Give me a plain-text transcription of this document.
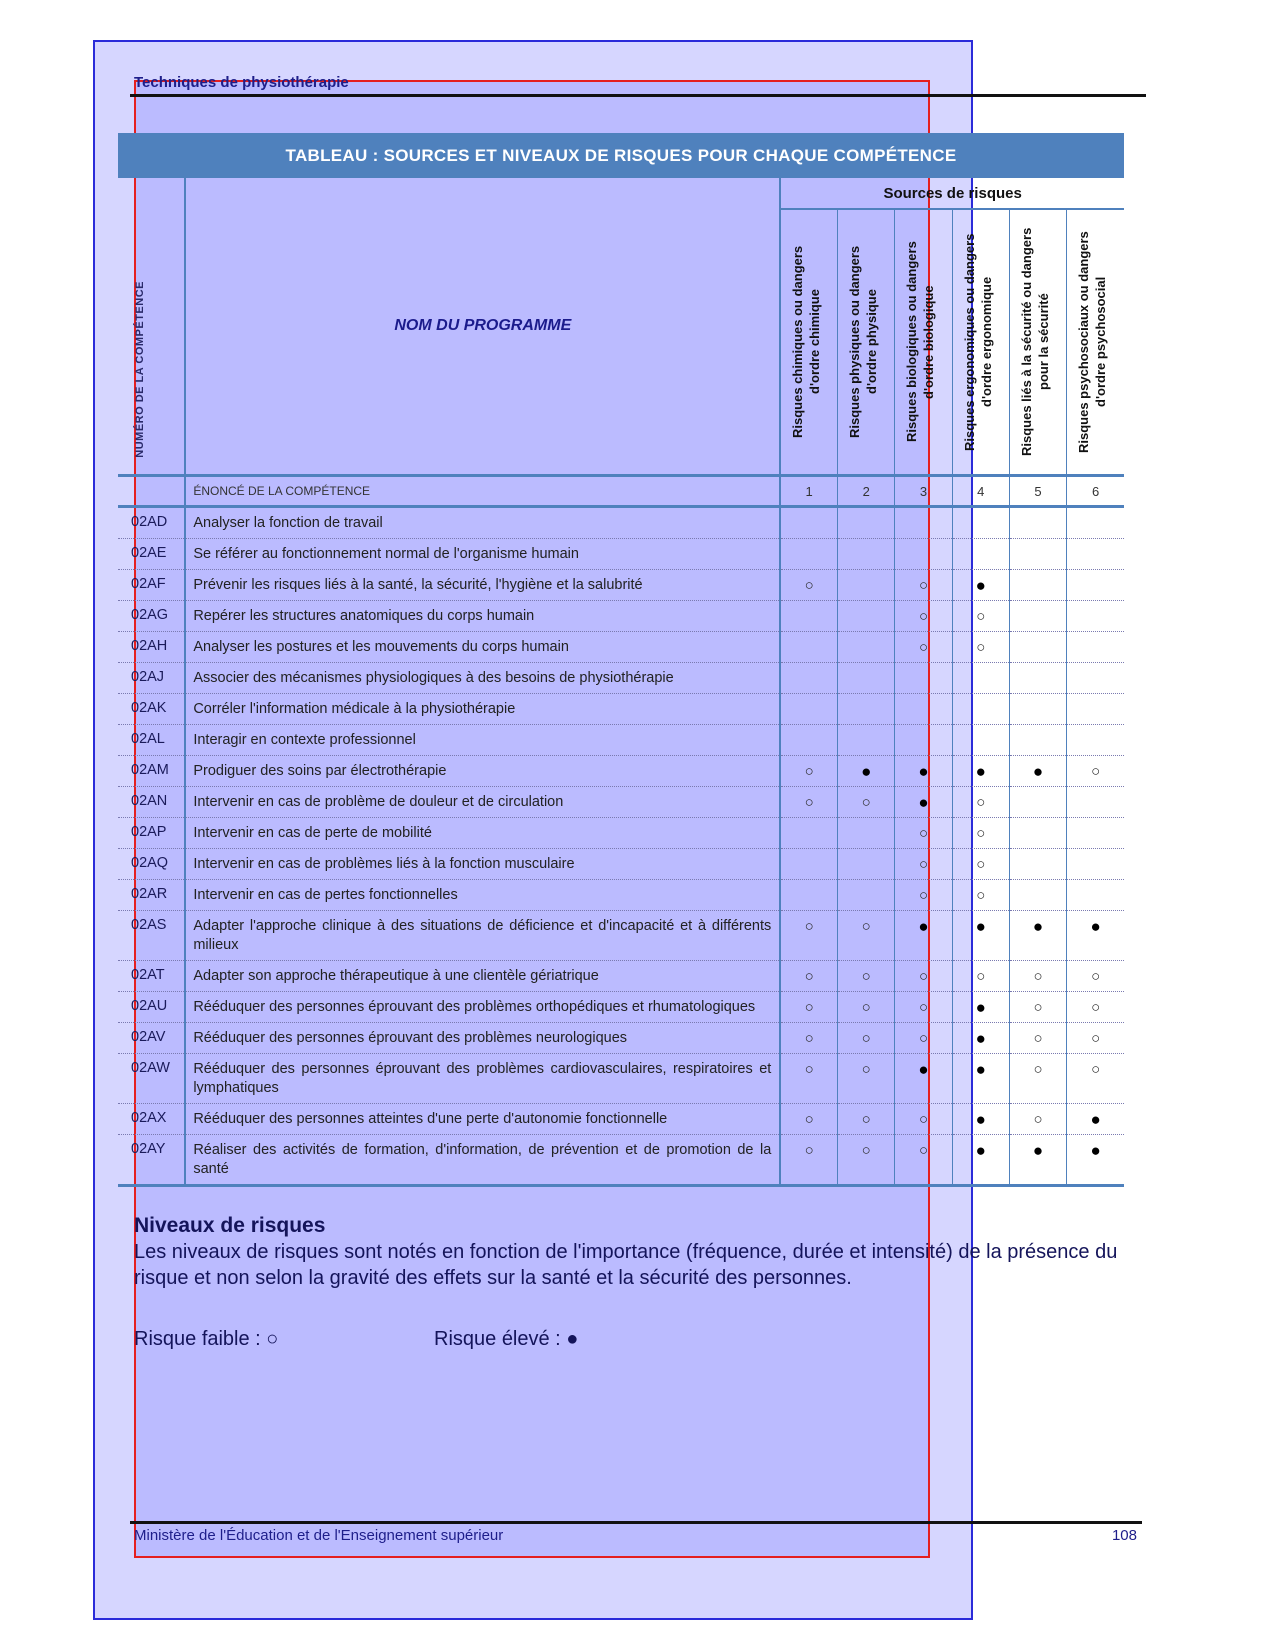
Techniques de physiothérapie
TABLEAU : SOURCES ET NIVEAUX DE RISQUES POUR CHAQUE COMPÉTENCE
NUMÉRO DE LA COMPÉTENCE	NOM DU PROGRAMME	Sources de risques					

		Risques chimiques ou dangers d'ordre chimique	Risques physiques ou dangers d'ordre physique	Risques biologiques ou dangers d'ordre biologique	Risques ergonomiques ou dangers d'ordre ergonomique	Risques liés à la sécurité ou dangers pour la sécurité	Risques psychosociaux ou dangers d'ordre psychosocial

	ÉNONCÉ DE LA COMPÉTENCE	1	2	3	4	5	6
02AD	Analyser la fonction de travail						
02AE	Se référer au fonctionnement normal de l'organisme humain						
02AF	Prévenir les risques liés à la santé, la sécurité, l'hygiène et la salubrité	○		○	●		
02AG	Repérer les structures anatomiques du corps humain			○	○		
02AH	Analyser les postures et les mouvements du corps humain			○	○		
02AJ	Associer des mécanismes physiologiques à des besoins de physiothérapie						
02AK	Corréler l'information médicale à la physiothérapie						
02AL	Interagir en contexte professionnel						
02AM	Prodiguer des soins par électrothérapie	○	●	●	●	●	○
02AN	Intervenir en cas de problème de douleur et de circulation	○	○	●	○		
02AP	Intervenir en cas de perte de mobilité			○	○		
02AQ	Intervenir en cas de problèmes liés à la fonction musculaire			○	○		
02AR	Intervenir en cas de pertes fonctionnelles			○	○		
02AS	Adapter l'approche clinique à des situations de déficience et d'incapacité et à différents milieux	○	○	●	●	●	●
02AT	Adapter son approche thérapeutique à une clientèle gériatrique	○	○	○	○	○	○
02AU	Rééduquer des personnes éprouvant des problèmes orthopédiques et rhumatologiques	○	○	○	●	○	○
02AV	Rééduquer des personnes éprouvant des problèmes neurologiques	○	○	○	●	○	○
02AW	Rééduquer des personnes éprouvant des problèmes cardiovasculaires, respiratoires et lymphatiques	○	○	●	●	○	○
02AX	Rééduquer des personnes atteintes d'une perte d'autonomie fonctionnelle	○	○	○	●	○	●
02AY	Réaliser des activités de formation, d'information, de prévention et de promotion de la santé	○	○	○	●	●	●
Niveaux de risques
Les niveaux de risques sont notés en fonction de l'importance (fréquence, durée et intensité) de la présence du risque et non selon la gravité des effets sur la santé et la sécurité des personnes.
Risque faible : ○	Risque élevé : ●
Ministère de l'Éducation et de l'Enseignement supérieur	108
